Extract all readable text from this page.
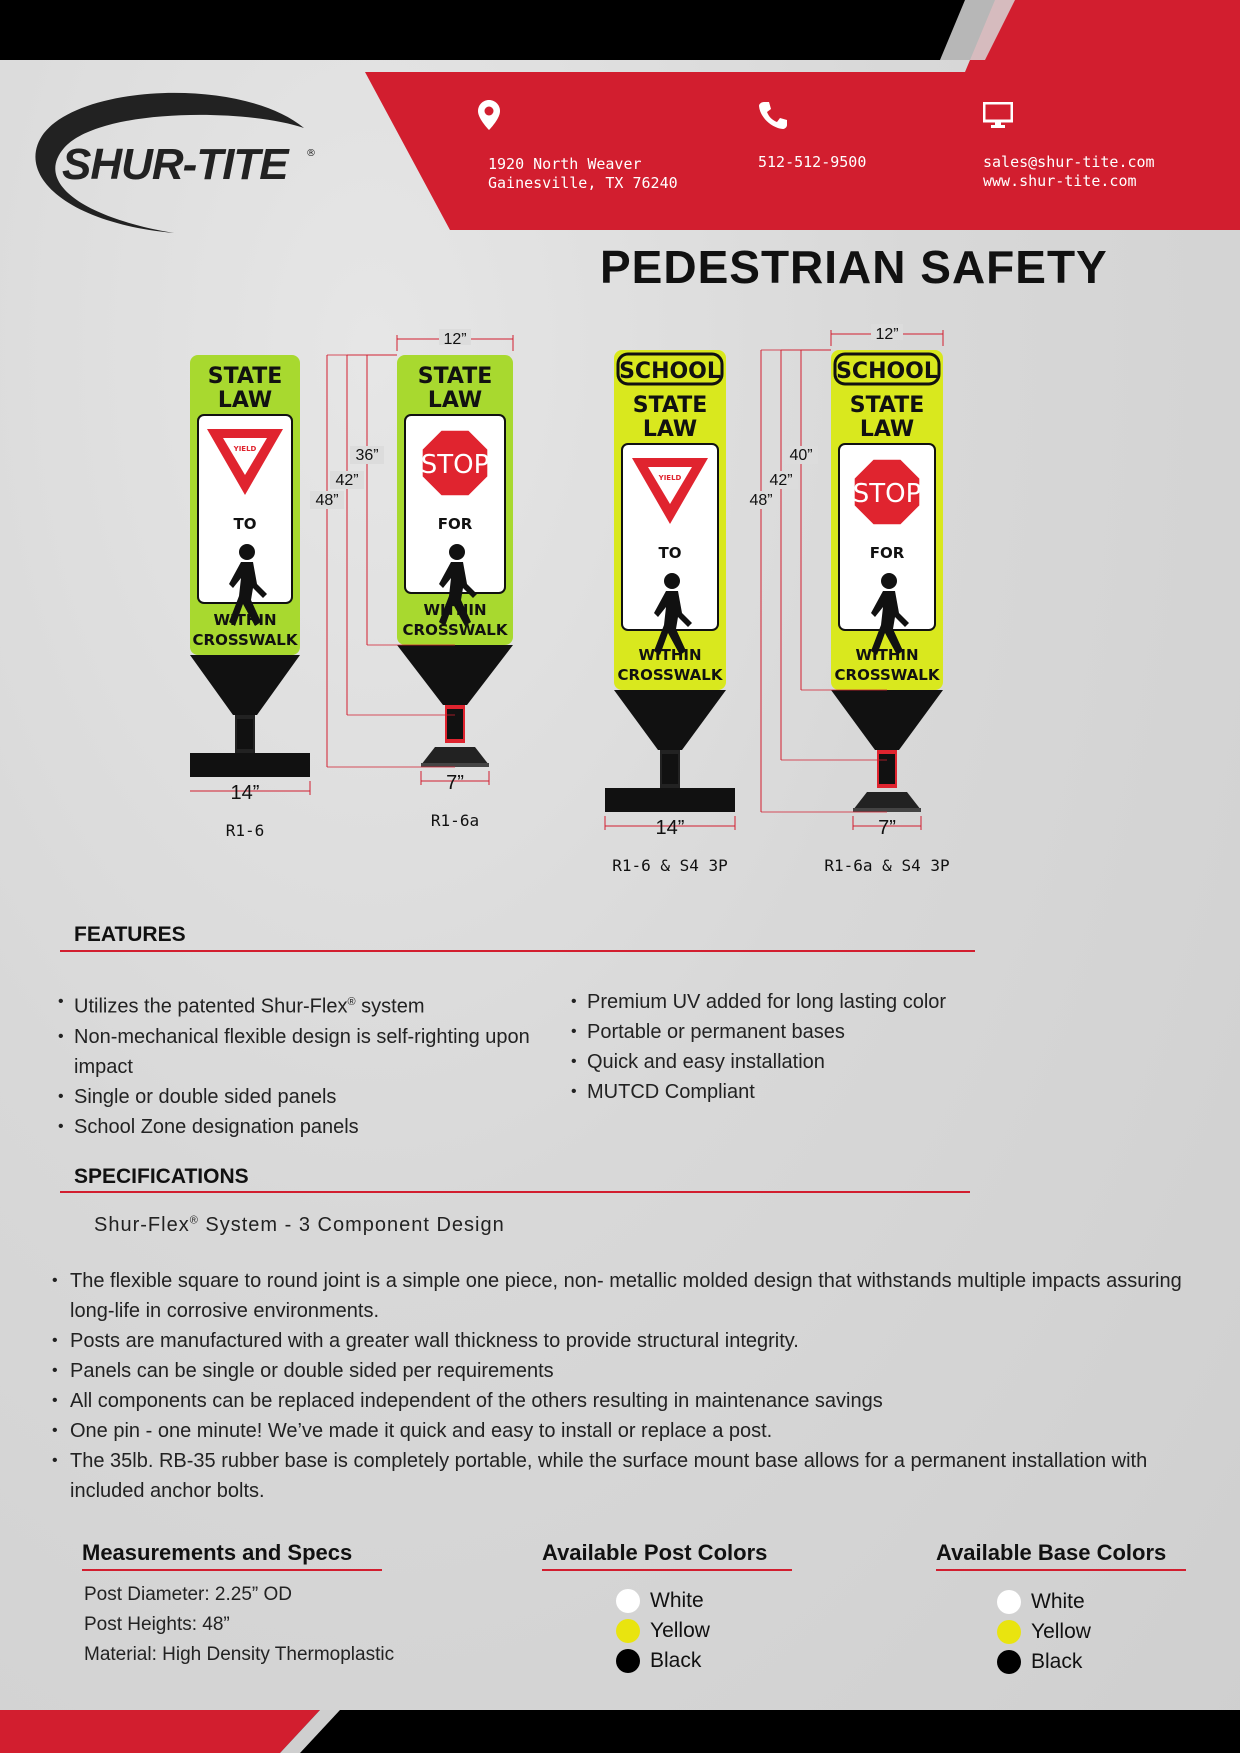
SHUR-TITE ®
1920 North Weaver
Gainesville, TX 76240
512-512-9500	sales@shur-tite.com
www.shur-tite.com
PEDESTRIAN SAFETY
STATE
LAW
YIELD
TO
WITHIN
CROSSWALK
14”
STATE
LAW
STOP
FOR
WITHIN
CROSSWALK
7”
12”
36”
42”
48”
SCHOOL
STATE
LAW
YIELD
TO
WITHIN
CROSSWALK
14”
SCHOOL
STATE
LAW
STOP
FOR
WITHIN
CROSSWALK
7”
12”
40”
42”
48”
R1-6
R1-6a
R1-6 & S4 3P	R1-6a & S4 3P
FEATURES
• Utilizes the patented Shur-Flex® system
• Non-mechanical flexible design is self-righting upon impact
• Single or double sided panels
• School Zone designation panels
• Premium UV added for long lasting color
• Portable or permanent bases
• Quick and easy installation
• MUTCD Compliant
SPECIFICATIONS
Shur-Flex® System - 3 Component Design
• The flexible square to round joint is a simple one piece, non- metallic molded design that withstands multiple impacts assuring long-life in corrosive environments.
• Posts are manufactured with a greater wall thickness to provide structural integrity.
• Panels can be single or double sided per requirements
• All components can be replaced independent of the others resulting in maintenance savings
• One pin - one minute! We’ve made it quick and easy to install or replace a post.
• The 35lb. RB-35 rubber base is completely portable, while the surface mount base allows for a permanent installation with included anchor bolts.
Measurements and Specs
Post Diameter: 2.25” OD
Post Heights: 48”
Material: High Density Thermoplastic
Available Post Colors
White
Yellow
Black
Available Base Colors
White
Yellow
Black
